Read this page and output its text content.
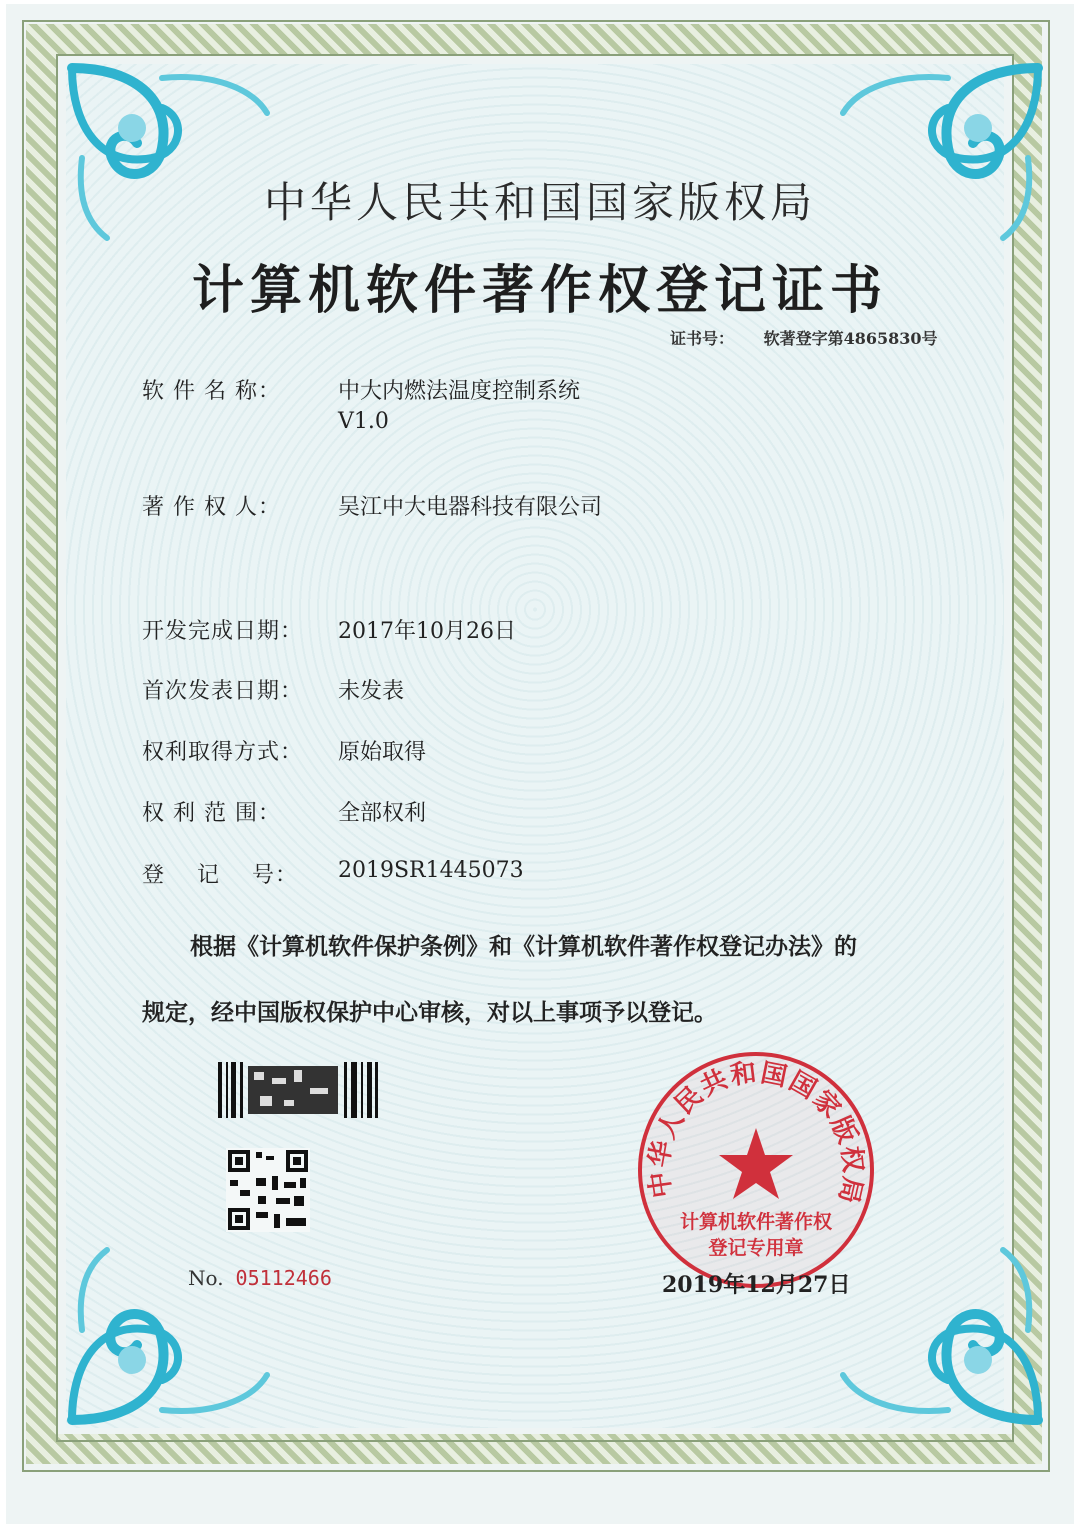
中华人民共和国国家版权局
计算机软件著作权登记证书
证书号： 软著登字第4865830号
软 件 名 称：	中大内燃法温度控制系统
V1.0
著 作 权 人：	吴江中大电器科技有限公司
开发完成日期： 2017年10月26日
首次发表日期： 未发表
权利取得方式： 原始取得
权 利 范 围：	全部权利
登    记    号： 2019SR1445073
根据《计算机软件保护条例》和《计算机软件著作权登记办法》的
规定，经中国版权保护中心审核，对以上事项予以登记。
No. 05112466
中华人民共和国国家版权局
计算机软件著作权
登记专用章
2019年12月27日
